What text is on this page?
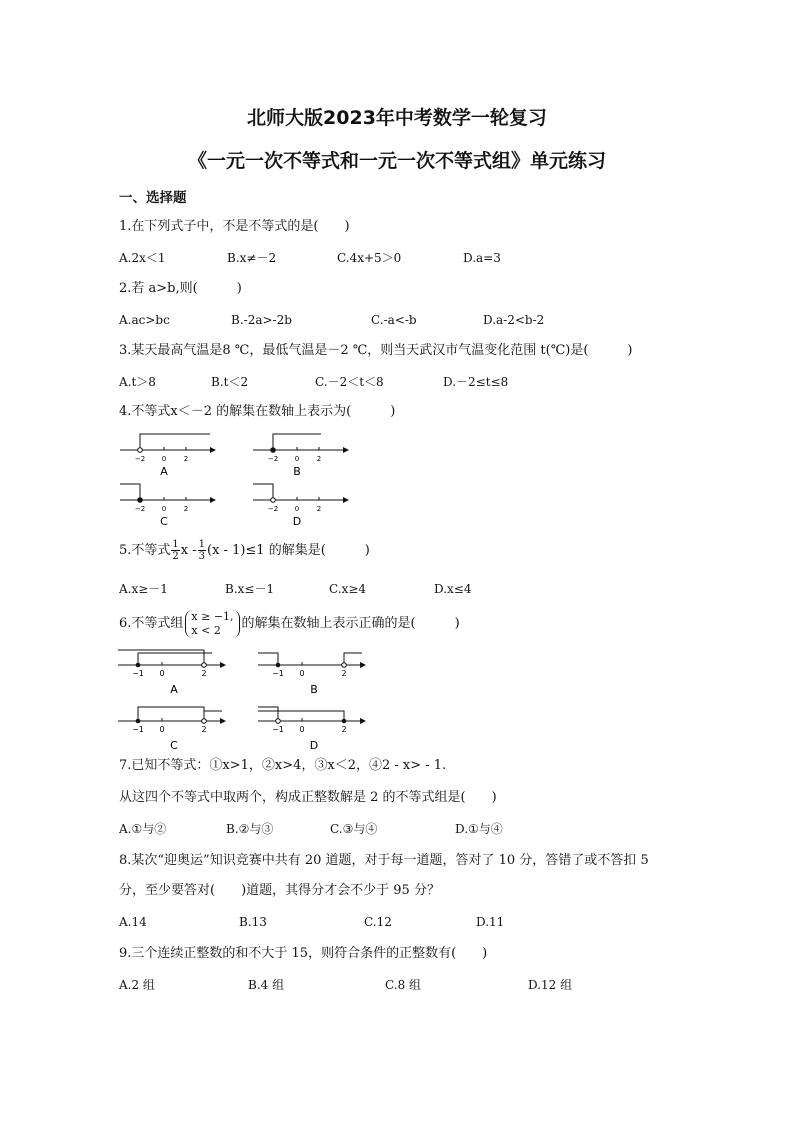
北师大版2023年中考数学一轮复习
《一元一次不等式和一元一次不等式组》单元练习
一、选择题
1.在下列式子中，不是不等式的是(　　)
A.2x＜1	B.x≠－2	C.4x+5＞0	D.a=3
2.若 a>b,则(　　　)
A.ac>bc	B.-2a>-2b	C.-a<-b	D.a-2<b-2
3.某天最高气温是8 ℃，最低气温是－2 ℃，则当天武汉市气温变化范围 t(℃)是(　　　)
A.t＞8	B.t＜2	C.－2＜t＜8	D.－2≤t≤8
4.不等式x＜－2 的解集在数轴上表示为(　　　)
−2 0	2
A
−2 0	2
B
−2 0	2
C
−2 0	2
D
5.不等式 $\frac{1}{2}$ $x - \frac{1}{3} (x - 1)\le 1$ 的解集是(　　　)
A.x≥－1	B.x≤－1	C.x≥4	D.x≤4
6.不等式组 x ≥ −1,
x < 2	的解集在数轴上表示正确的是(　　　)
−1 0	2
A
−1 0	2
B
−1 0	2
C
−1 0	2
D
7.已知不等式：①x>1，②x>4，③x＜2，④2 - x> - 1.
从这四个不等式中取两个，构成正整数解是 2 的不等式组是(　　)
A.①与②	B.②与③	C.③与④	D.①与④
8.某次“迎奥运”知识竞赛中共有 20 道题，对于每一道题，答对了 10 分，答错了或不答扣 5
分，至少要答对(　　)道题，其得分才会不少于 95 分？
A.14	B.13	C.12	D.11
9.三个连续正整数的和不大于 15，则符合条件的正整数有(　　)
A.2 组	B.4 组	C.8 组	D.12 组
